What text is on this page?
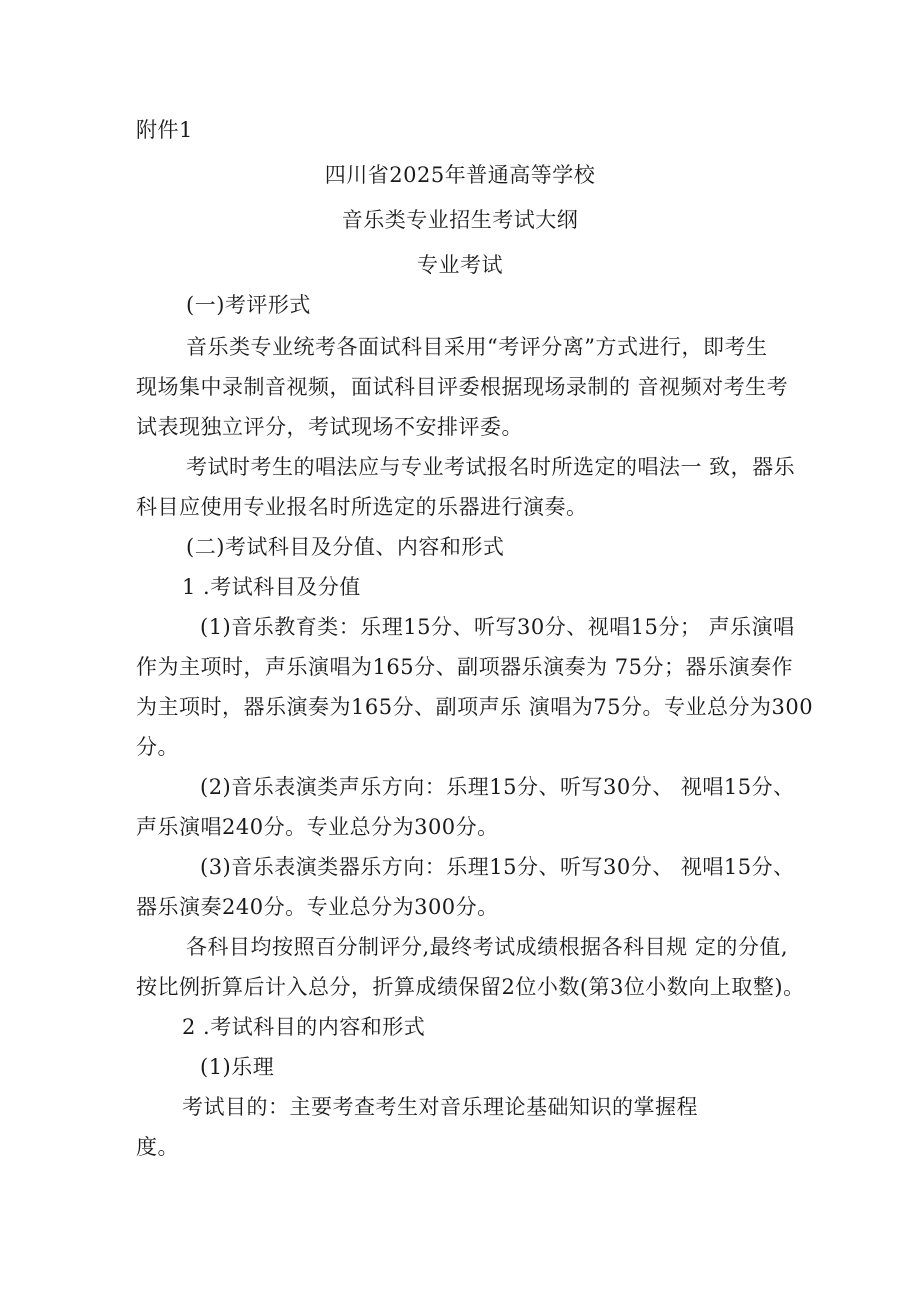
附件1
四川省2025年普通高等学校
音乐类专业招生考试大纲
专业考试
(一)考评形式
音乐类专业统考各面试科目采用“考评分离”方式进行，即考生
现场集中录制音视频，面试科目评委根据现场录制的 音视频对考生考
试表现独立评分，考试现场不安排评委。
考试时考生的唱法应与专业考试报名时所选定的唱法一 致，器乐
科目应使用专业报名时所选定的乐器进行演奏。
(二)考试科目及分值、内容和形式
1 .考试科目及分值
(1)音乐教育类：乐理15分、听写30分、视唱15分； 声乐演唱
作为主项时，声乐演唱为165分、副项器乐演奏为 75分；器乐演奏作
为主项时，器乐演奏为165分、副项声乐 演唱为75分。专业总分为300
分。
(2)音乐表演类声乐方向：乐理15分、听写30分、 视唱15分、
声乐演唱240分。专业总分为300分。
(3)音乐表演类器乐方向：乐理15分、听写30分、 视唱15分、
器乐演奏240分。专业总分为300分。
各科目均按照百分制评分,最终考试成绩根据各科目规 定的分值,
按比例折算后计入总分，折算成绩保留2位小数(第3位小数向上取整)。
2 .考试科目的内容和形式
(1)乐理
考试目的：主要考查考生对音乐理论基础知识的掌握程
度。
